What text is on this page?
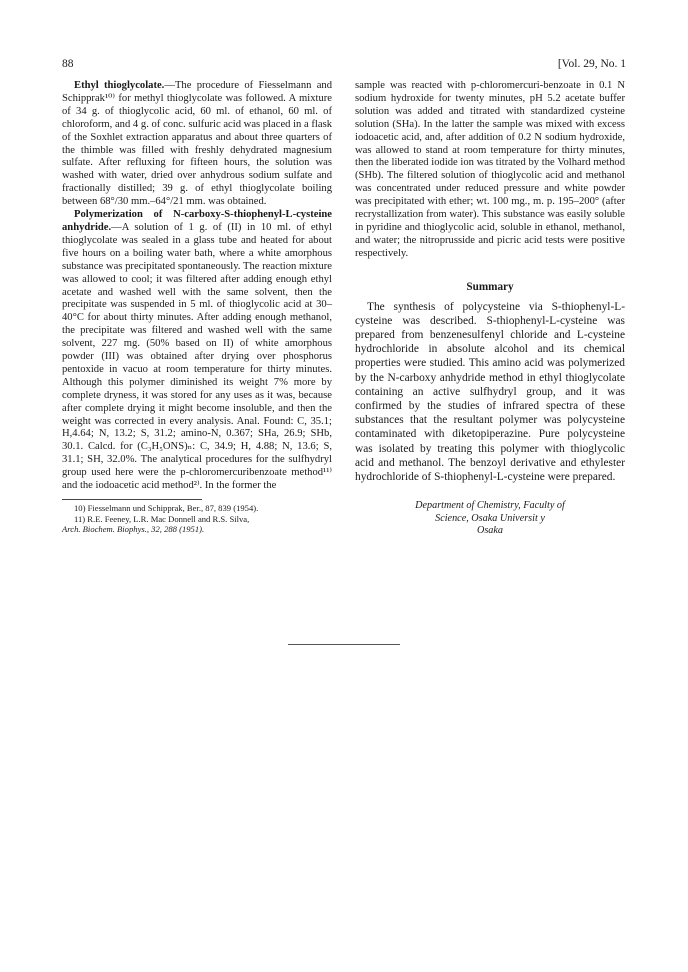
88	[Vol. 29, No. 1

Ethyl thioglycolate.—The procedure of Fiesselmann and Schipprak¹⁰⁾ for methyl thioglycolate was followed. A mixture of 34 g. of thioglycolic acid, 60 ml. of ethanol, 60 ml. of chloroform, and 4 g. of conc. sulfuric acid was placed in a flask of the Soxhlet extraction apparatus and about three quarters of the thimble was filled with freshly dehydrated magnesium sulfate. After refluxing for fifteen hours, the solution was washed with water, dried over anhydrous sodium sulfate and fractionally distilled; 39 g. of ethyl thioglycolate boiling between 68°/30 mm.–64°/21 mm. was obtained.

Polymerization of N-carboxy-S-thiophenyl-L-cysteine anhydride.—A solution of 1 g. of (II) in 10 ml. of ethyl thioglycolate was sealed in a glass tube and heated for about five hours on a boiling water bath, where a white amorphous substance was precipitated spontaneously. The reaction mixture was allowed to cool; it was filtered after adding enough ethyl acetate and washed well with the same solvent, then the precipitate was suspended in 5 ml. of thioglycolic acid at 30–40°C for about thirty minutes. After adding enough methanol, the precipitate was filtered and washed well with the same solvent, 227 mg. (50% based on II) of white amorphous powder (III) was obtained after drying over phosphorus pentoxide in vacuo at room temperature for thirty minutes. Although this polymer diminished its weight 7% more by complete dryness, it was stored for any uses as it was, because after complete drying it might become insoluble, and then the weight was corrected in every analysis. Anal. Found: C, 35.1; H,4.64; N, 13.2; S, 31.2; amino-N, 0.367; SHa, 26.9; SHb, 30.1. Calcd. for (C₃H₅ONS)ₙ: C, 34.9; H, 4.88; N, 13.6; S, 31.1; SH, 32.0%. The analytical procedures for the sulfhydryl group used here were the p-chloromercuribenzoate method¹¹⁾ and the iodoacetic acid method²⁾. In the former the

10) Fiesselmann und Schipprak, Ber., 87, 839 (1954).
11) R.E. Feeney, L.R. Mac Donnell and R.S. Silva,
Arch. Biochem. Biophys., 32, 288 (1951).

sample was reacted with p-chloromercuri-benzoate in 0.1 N sodium hydroxide for twenty minutes, pH 5.2 acetate buffer solution was added and titrated with standardized cysteine solution (SHa). In the latter the sample was mixed with excess iodoacetic acid, and, after addition of 0.2 N sodium hydroxide, was allowed to stand at room temperature for thirty minutes, then the liberated iodide ion was titrated by the Volhard method (SHb). The filtered solution of thioglycolic acid and methanol was concentrated under reduced pressure and white powder was precipitated with ether; wt. 100 mg., m. p. 195–200° (after recrystallization from water). This substance was easily soluble in pyridine and thioglycolic acid, soluble in ethanol, methanol, and water; the nitroprusside and picric acid tests were positive respectively.

Summary

The synthesis of polycysteine via S-thiophenyl-L-cysteine was described. S-thiophenyl-L-cysteine was prepared from benzenesulfenyl chloride and L-cysteine hydrochloride in absolute alcohol and its chemical properties were studied. This amino acid was polymerized by the N-carboxy anhydride method in ethyl thioglycolate containing an active sulfhydryl group, and it was confirmed by the studies of infrared spectra of these substances that the resultant polymer was polycysteine contaminated with diketopiperazine. Pure polycysteine was isolated by treating this polymer with thioglycolic acid and methanol. The benzoyl derivative and ethylester hydrochloride of S-thiophenyl-L-cysteine were prepared.

Department of Chemistry, Faculty of
Science, Osaka Universit y
Osaka
